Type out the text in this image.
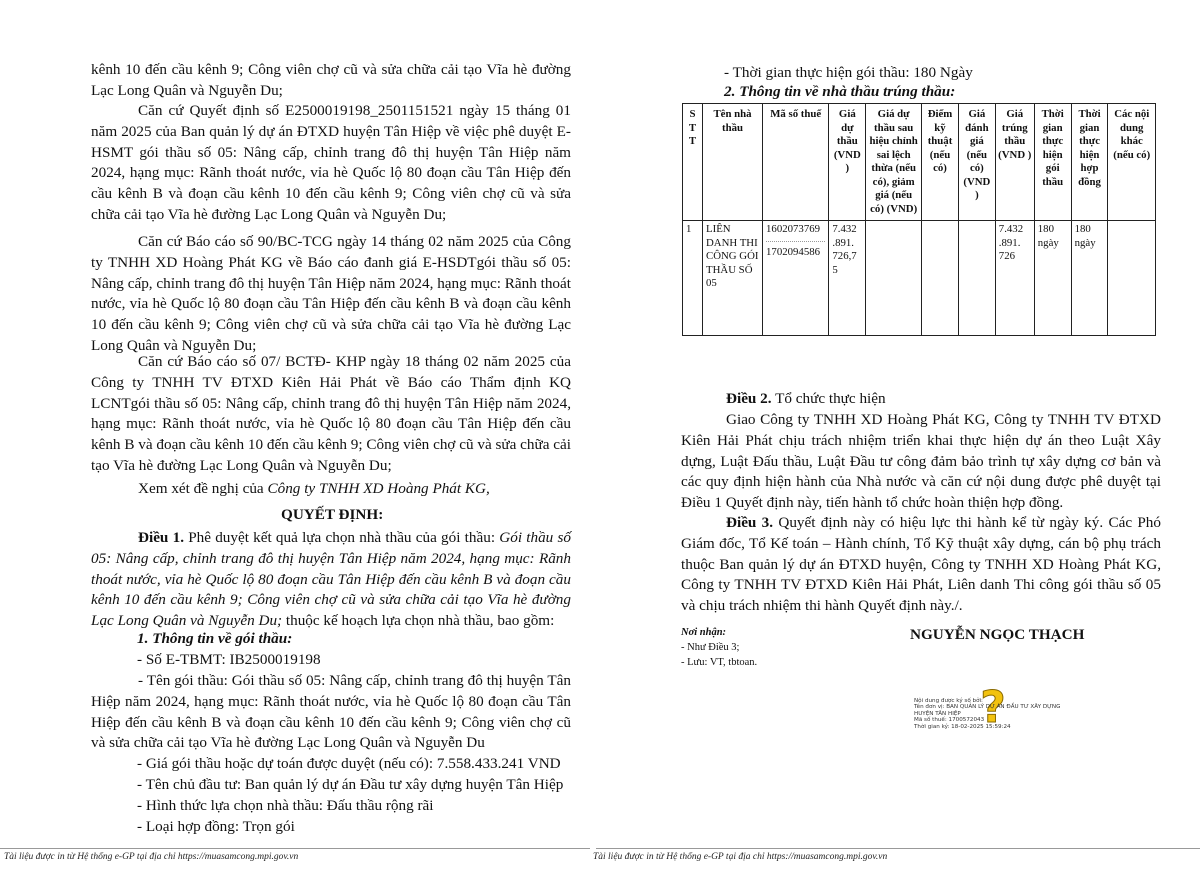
kênh 10 đến cầu kênh 9; Công viên chợ cũ và sửa chữa cải tạo Vĩa hè đường Lạc Long Quân và Nguyễn Du;

Căn cứ Quyết định số E2500019198_2501151521 ngày 15 tháng 01 năm 2025 của Ban quản lý dự án ĐTXD huyện Tân Hiệp về việc phê duyệt E-HSMT gói thầu số 05: Nâng cấp, chỉnh trang đô thị huyện Tân Hiệp năm 2024, hạng mục: Rãnh thoát nước, vỉa hè Quốc lộ 80 đoạn cầu Tân Hiệp đến cầu kênh B và đoạn cầu kênh 10 đến cầu kênh 9; Công viên chợ cũ và sửa chữa cải tạo Vĩa hè đường Lạc Long Quân và Nguyễn Du;

Căn cứ Báo cáo số 90/BC-TCG ngày 14 tháng 02 năm 2025 của Công ty TNHH XD Hoàng Phát KG về Báo cáo đanh giá E-HSDTgói thầu số 05: Nâng cấp, chỉnh trang đô thị huyện Tân Hiệp năm 2024, hạng mục: Rãnh thoát nước, vỉa hè Quốc lộ 80 đoạn cầu Tân Hiệp đến cầu kênh B và đoạn cầu kênh 10 đến cầu kênh 9; Công viên chợ cũ và sửa chữa cải tạo Vĩa hè đường Lạc Long Quân và Nguyễn Du;

Căn cứ Báo cáo số 07/ BCTĐ- KHP ngày 18 tháng 02 năm 2025 của Công ty TNHH TV ĐTXD Kiên Hải Phát về Báo cáo Thẩm định KQ LCNTgói thầu số 05: Nâng cấp, chỉnh trang đô thị huyện Tân Hiệp năm 2024, hạng mục: Rãnh thoát nước, vỉa hè Quốc lộ 80 đoạn cầu Tân Hiệp đến cầu kênh B và đoạn cầu kênh 10 đến cầu kênh 9; Công viên chợ cũ và sửa chữa cải tạo Vĩa hè đường Lạc Long Quân và Nguyễn Du;

Xem xét đề nghị của Công ty TNHH XD Hoàng Phát KG,

QUYẾT ĐỊNH:

Điều 1. Phê duyệt kết quả lựa chọn nhà thầu của gói thầu: Gói thầu số 05: Nâng cấp, chỉnh trang đô thị huyện Tân Hiệp năm 2024, hạng mục: Rãnh thoát nước, vỉa hè Quốc lộ 80 đoạn cầu Tân Hiệp đến cầu kênh B và đoạn cầu kênh 10 đến cầu kênh 9; Công viên chợ cũ và sửa chữa cải tạo Vĩa hè đường Lạc Long Quân và Nguyễn Du; thuộc kế hoạch lựa chọn nhà thầu, bao gồm:

1. Thông tin về gói thầu:
- Số E-TBMT: IB2500019198

- Tên gói thầu: Gói thầu số 05: Nâng cấp, chỉnh trang đô thị huyện Tân Hiệp năm 2024, hạng mục: Rãnh thoát nước, vỉa hè Quốc lộ 80 đoạn cầu Tân Hiệp đến cầu kênh B và đoạn cầu kênh 10 đến cầu kênh 9; Công viên chợ cũ và sửa chữa cải tạo Vĩa hè đường Lạc Long Quân và Nguyễn Du

- Giá gói thầu hoặc dự toán được duyệt (nếu có): 7.558.433.241 VND
- Tên chủ đầu tư: Ban quản lý dự án Đầu tư xây dựng huyện Tân Hiệp
- Hình thức lựa chọn nhà thầu: Đấu thầu rộng rãi
- Loại hợp đồng: Trọn gói
Tài liệu được in từ Hệ thống e-GP tại địa chỉ https://muasamcong.mpi.gov.vn
- Thời gian thực hiện gói thầu: 180 Ngày
2. Thông tin về nhà thầu trúng thầu:
S T T	Tên nhà thầu	Mã số thuế	Giá dự thầu (VND )	Giá dự thầu sau hiệu chỉnh sai lệch thừa (nếu có), giảm giá (nếu có) (VND)	Điểm kỹ thuật (nếu có)	Giá đánh giá (nếu có) (VND )	Giá trúng thầu (VND )	Thời gian thực hiện gói thầu	Thời gian thực hiện hợp đồng	Các nội dung khác (nếu có)
1	LIÊN DANH THI CÔNG GÓI THẦU SỐ 05	1602073769
1702094586	7.432 .891. 726,7 5				7.432 .891. 726	180 ngày	180 ngày	
Điều 2. Tổ chức thực hiện

Giao Công ty TNHH XD Hoàng Phát KG, Công ty TNHH TV ĐTXD Kiên Hải Phát chịu trách nhiệm triển khai thực hiện dự án theo Luật Xây dựng, Luật Đấu thầu, Luật Đầu tư công đảm bảo trình tự xây dựng cơ bản và các quy định hiện hành của Nhà nước và căn cứ nội dung được phê duyệt tại Điều 1 Quyết định này, tiến hành tổ chức hoàn thiện hợp đồng.

Điều 3. Quyết định này có hiệu lực thi hành kể từ ngày ký. Các Phó Giám đốc, Tổ Kế toán – Hành chính, Tổ Kỹ thuật xây dựng, cán bộ phụ trách thuộc Ban quản lý dự án ĐTXD huyện, Công ty TNHH XD Hoàng Phát KG, Công ty TNHH TV ĐTXD Kiên Hải Phát, Liên danh Thi công gói thầu số 05 và chịu trách nhiệm thi hành Quyết định này./.

Nơi nhận:
- Như Điều 3;
- Lưu: VT, tbtoan.
NGUYỄN NGỌC THẠCH
?
Nội dung được ký số bởi:
Tên đơn vị: BAN QUẢN LÝ DỰ ÁN ĐẦU TƯ XÂY DỰNG HUYỆN TÂN HIỆP
Mã số thuế: 1700572043
Thời gian ký: 18-02-2025 15:59:24
Tài liệu được in từ Hệ thống e-GP tại địa chỉ https://muasamcong.mpi.gov.vn
